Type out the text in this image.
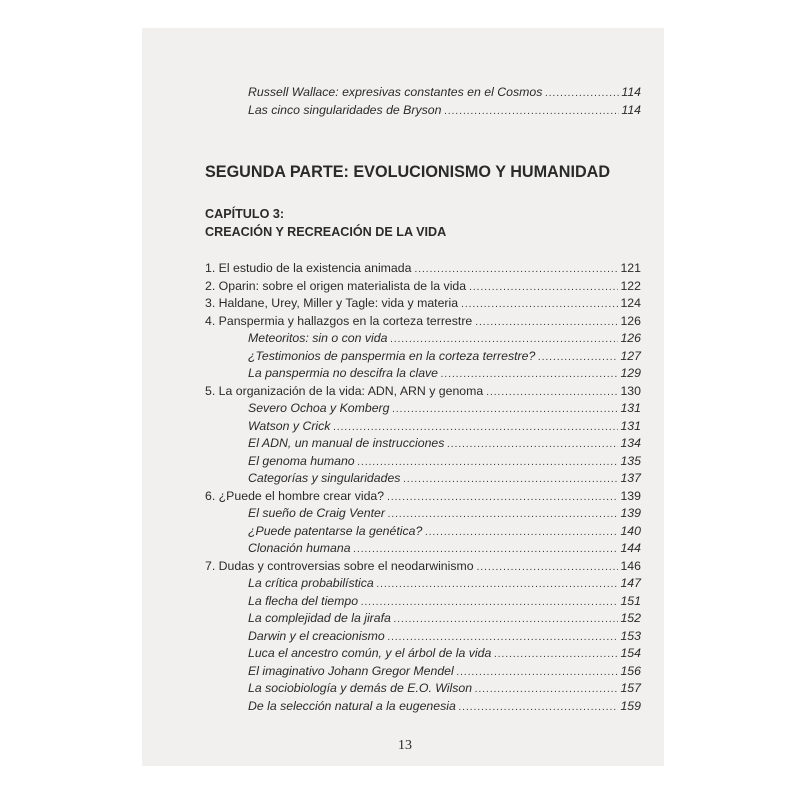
Russell Wallace: expresivas constantes en el Cosmos .....	114
Las cinco singularidades de Bryson .....	114
SEGUNDA PARTE: EVOLUCIONISMO Y HUMANIDAD
CAPÍTULO 3:
CREACIÓN Y RECREACIÓN DE LA VIDA
1. El estudio de la existencia animada .....	121
2. Oparin: sobre el origen materialista de la vida .....	122
3. Haldane, Urey, Miller y Tagle: vida y materia .....	124
4. Panspermia y hallazgos en la corteza terrestre .....	126
Meteoritos: sin o con vida .....	126
¿Testimonios de panspermia en la corteza terrestre? .....	127
La panspermia no descifra la clave .....	129
5. La organización de la vida: ADN, ARN y genoma .....	130
Severo Ochoa y Komberg .....	131
Watson y Crick .....	131
El ADN, un manual de instrucciones .....	134
El genoma humano .....	135
Categorías y singularidades .....	137
6. ¿Puede el hombre crear vida? .....	139
El sueño de Craig Venter .....	139
¿Puede patentarse la genética? .....	140
Clonación humana .....	144
7. Dudas y controversias sobre el neodarwinismo .....	146
La crítica probabilística .....	147
La flecha del tiempo .....	151
La complejidad de la jirafa .....	152
Darwin y el creacionismo .....	153
Luca el ancestro común, y el árbol de la vida .....	154
El imaginativo Johann Gregor Mendel .....	156
La sociobiología y demás de E.O. Wilson .....	157
De la selección natural a la eugenesia .....	159
13
